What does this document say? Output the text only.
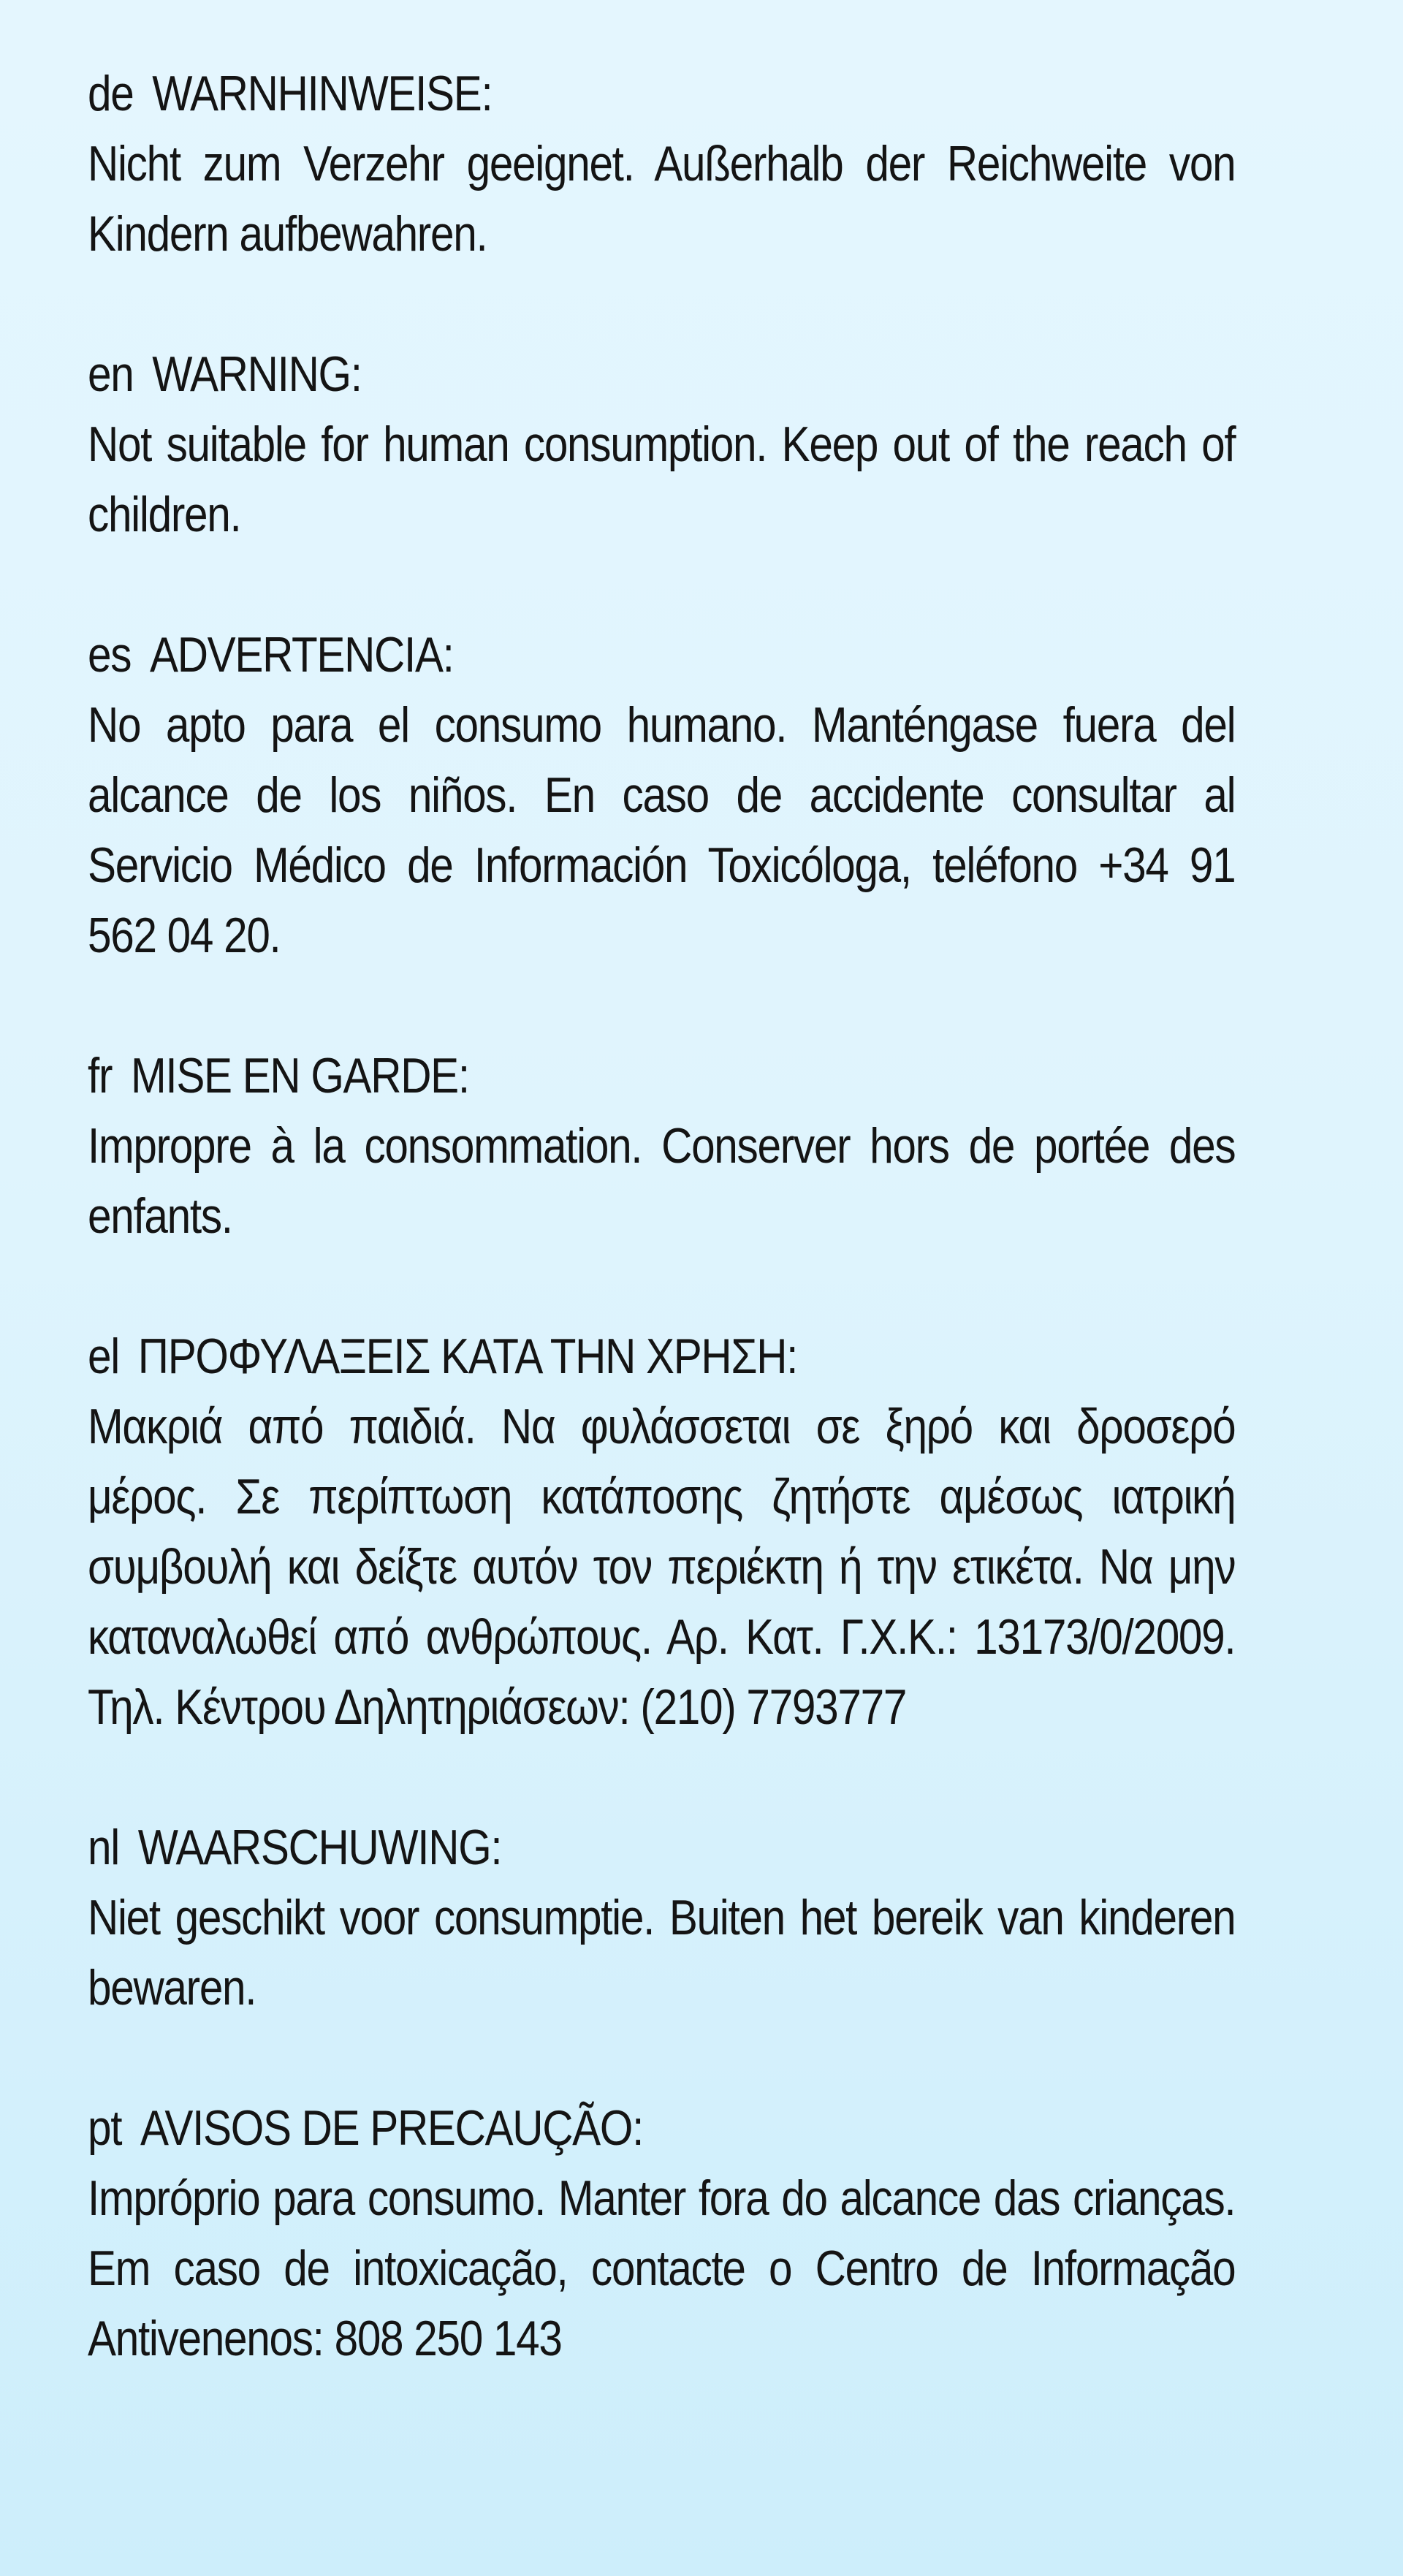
de WARNHINWEISE:
Nicht zum Verzehr geeignet. Außerhalb der Reichweite von Kindern aufbewahren.
en WARNING:
Not suitable for human consumption. Keep out of the reach of children.
es ADVERTENCIA:
No apto para el consumo humano. Manténgase fuera del alcance de los niños. En caso de accidente consultar al Servicio Médico de Información Toxicóloga, teléfono +34 91 562 04 20.
fr MISE EN GARDE:
Impropre à la consommation. Conserver hors de portée des enfants.
el ΠΡΟΦΥΛΑΞΕΙΣ ΚΑΤΑ ΤΗΝ ΧΡΗΣΗ:
Μακριά από παιδιά. Να φυλάσσεται σε ξηρό και δροσερό μέρος. Σε περίπτωση κατάποσης ζητήστε αμέσως ιατρική συμβουλή και δείξτε αυτόν τον περιέκτη ή την ετικέτα. Να μην καταναλωθεί από ανθρώπους. Αρ. Κατ. Γ.Χ.Κ.: 13173/0/2009. Τηλ. Κέντρου Δηλητηριάσεων: (210) 7793777
nl WAARSCHUWING:
Niet geschikt voor consumptie. Buiten het bereik van kinderen bewaren.
pt AVISOS DE PRECAUÇÃO:
Impróprio para consumo. Manter fora do alcance das crianças. Em caso de intoxicação, contacte o Centro de Informação Antivenenos: 808 250 143
